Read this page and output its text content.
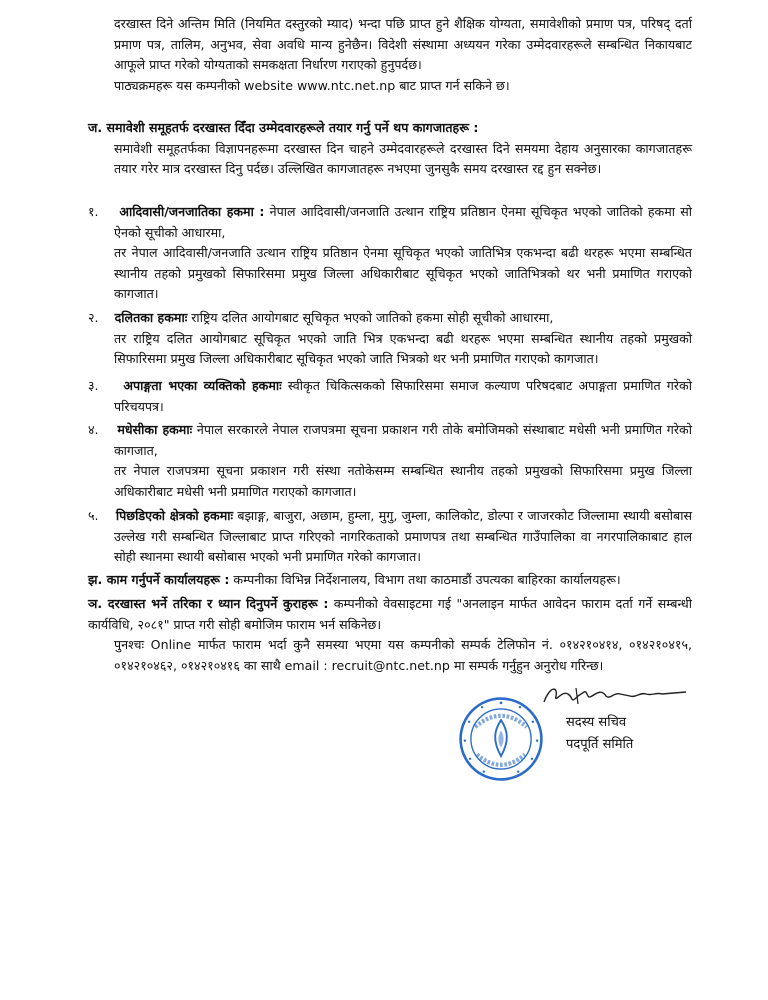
दरखास्त दिने अन्तिम मिति (नियमित दस्तुरको म्याद) भन्दा पछि प्राप्त हुने शैक्षिक योग्यता, समावेशीको प्रमाण पत्र, परिषद् दर्ता प्रमाण पत्र, तालिम, अनुभव, सेवा अवधि मान्य हुनेछैन। विदेशी संस्थामा अध्ययन गरेका उम्मेदवारहरूले सम्बन्धित निकायबाट आफूले प्राप्त गरेको योग्यताको समकक्षता निर्धारण गराएको हुनुपर्दछ।

पाठ्यक्रमहरू यस कम्पनीको website www.ntc.net.np बाट प्राप्त गर्न सकिने छ।

ज. समावेशी समूहतर्फ दरखास्त दिँदा उम्मेदवारहरूले तयार गर्नु पर्ने थप कागजातहरू :

समावेशी समूहतर्फका विज्ञापनहरूमा दरखास्त दिन चाहने उम्मेदवारहरूले दरखास्त दिने समयमा देहाय अनुसारका कागजातहरू तयार गरेर मात्र दरखास्त दिनु पर्दछ। उल्लिखित कागजातहरू नभएमा जुनसुकै समय दरखास्त रद्द हुन सक्नेछ।

१. आदिवासी/जनजातिका हकमा : नेपाल आदिवासी/जनजाति उत्थान राष्ट्रिय प्रतिष्ठान ऐनमा सूचिकृत भएको जातिको हकमा सो ऐनको सूचीको आधारमा,

तर नेपाल आदिवासी/जनजाति उत्थान राष्ट्रिय प्रतिष्ठान ऐनमा सूचिकृत भएको जातिभित्र एकभन्दा बढी थरहरू भएमा सम्बन्धित स्थानीय तहको प्रमुखको सिफारिसमा प्रमुख जिल्ला अधिकारीबाट सूचिकृत भएको जातिभित्रको थर भनी प्रमाणित गराएको कागजात।

२. दलितका हकमाः राष्ट्रिय दलित आयोगबाट सूचिकृत भएको जातिको हकमा सोही सूचीको आधारमा,

तर राष्ट्रिय दलित आयोगबाट सूचिकृत भएको जाति भित्र एकभन्दा बढी थरहरू भएमा सम्बन्धित स्थानीय तहको प्रमुखको सिफारिसमा प्रमुख जिल्ला अधिकारीबाट सूचिकृत भएको जाति भित्रको थर भनी प्रमाणित गराएको कागजात।

३. अपाङ्गता भएका व्यक्तिको हकमाः स्वीकृत चिकित्सकको सिफारिसमा समाज कल्याण परिषदबाट अपाङ्गता प्रमाणित गरेको परिचयपत्र।

४. मधेसीका हकमाः नेपाल सरकारले नेपाल राजपत्रमा सूचना प्रकाशन गरी तोके बमोजिमको संस्थाबाट मधेसी भनी प्रमाणित गरेको कागजात,

तर नेपाल राजपत्रमा सूचना प्रकाशन गरी संस्था नतोकेसम्म सम्बन्धित स्थानीय तहको प्रमुखको सिफारिसमा प्रमुख जिल्ला अधिकारीबाट मधेसी भनी प्रमाणित गराएको कागजात।

५. पिछडिएको क्षेत्रको हकमाः बझाङ्ग, बाजुरा, अछाम, हुम्ला, मुगु, जुम्ला, कालिकोट, डोल्पा र जाजरकोट जिल्लामा स्थायी बसोबास उल्लेख गरी सम्बन्धित जिल्लाबाट प्राप्त गरिएको नागरिकताको प्रमाणपत्र तथा सम्बन्धित गाउँपालिका वा नगरपालिकाबाट हाल सोही स्थानमा स्थायी बसोबास भएको भनी प्रमाणित गरेको कागजात।

झ. काम गर्नुपर्ने कार्यालयहरू : कम्पनीका विभिन्न निर्देशनालय, विभाग तथा काठमाडौं उपत्यका बाहिरका कार्यालयहरू।

ञ. दरखास्त भर्ने तरिका र ध्यान दिनुपर्ने कुराहरू : कम्पनीको वेवसाइटमा गई "अनलाइन मार्फत आवेदन फाराम दर्ता गर्ने सम्बन्धी कार्यविधि, २०८१" प्राप्त गरी सोही बमोजिम फाराम भर्न सकिनेछ।

पुनश्चः Online मार्फत फाराम भर्दा कुनै समस्या भएमा यस कम्पनीको सम्पर्क टेलिफोन नं. ०१४२१०४१४, ०१४२१०४१५, ०१४२१०४६२, ०१४२१०४१६ का साथै email : recruit@ntc.net.np मा सम्पर्क गर्नुहुन अनुरोध गरिन्छ।

सदस्य सचिव
पदपूर्ति समिति
